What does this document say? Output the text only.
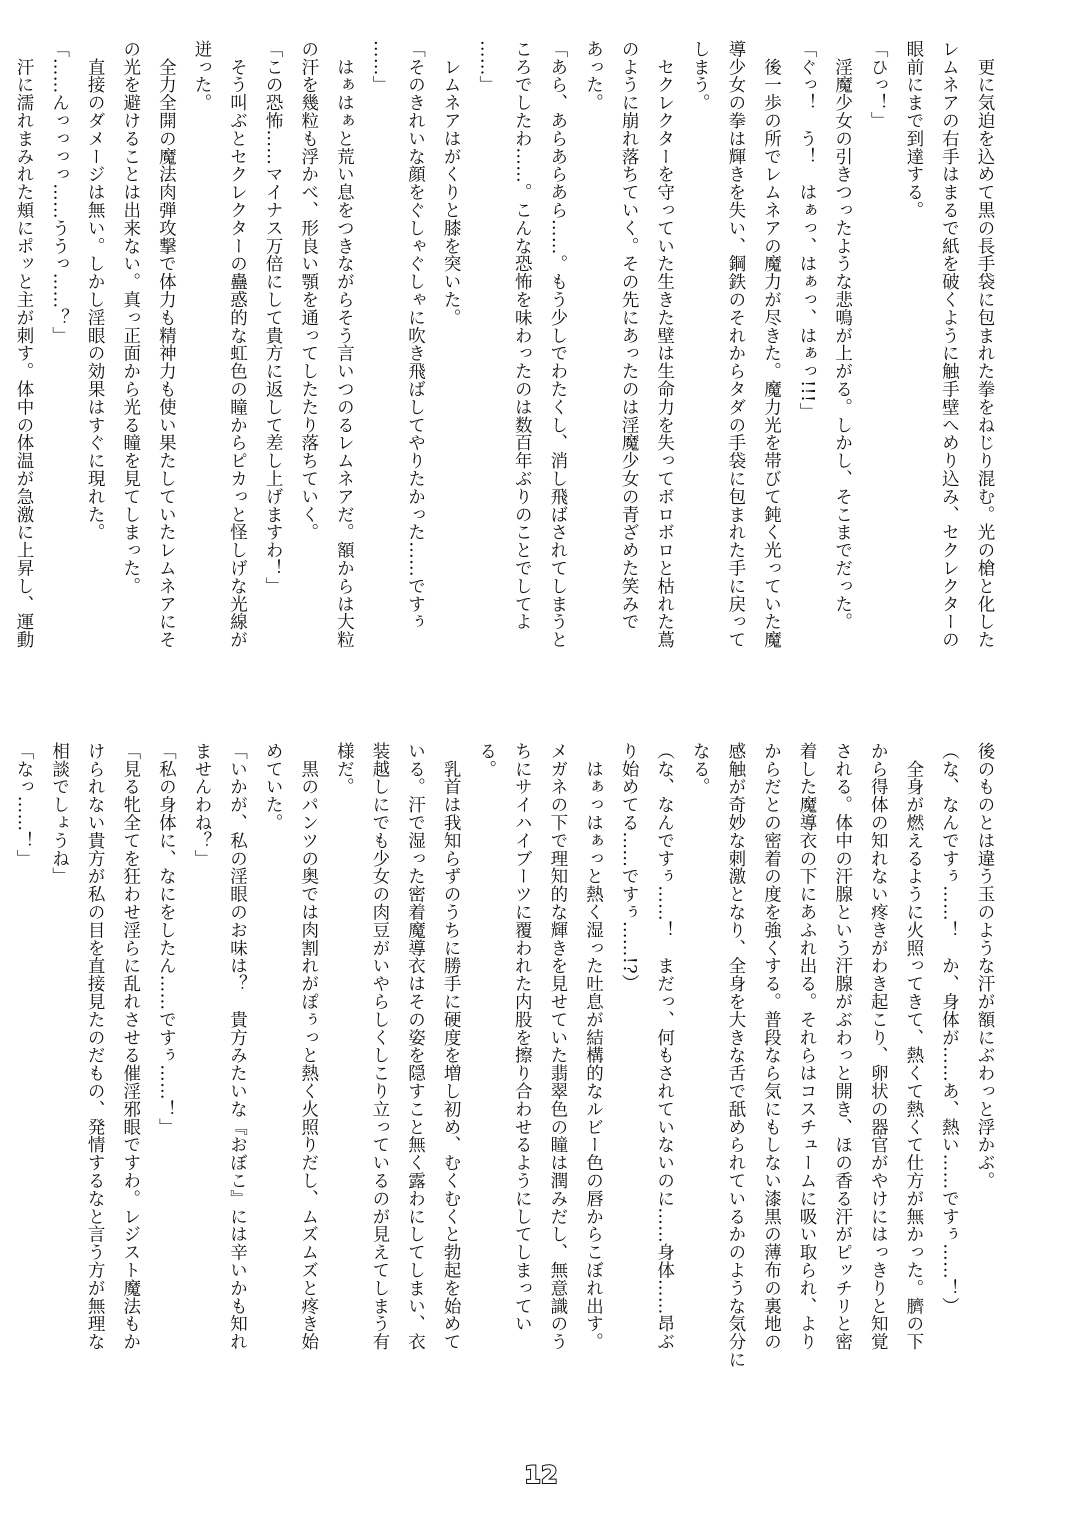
　更に気迫を込めて黒の長手袋に包まれた拳をねじり混む。光の槍と化した
レムネアの右手はまるで紙を破くように触手壁へめり込み、セクレクターの
眼前にまで到達する。
「ひっ！」
　淫魔少女の引きつったような悲鳴が上がる。しかし、そこまでだった。
「ぐっ！　う！　はぁっ、はぁっ、はぁっ!!!」
　後一歩の所でレムネアの魔力が尽きた。魔力光を帯びて鈍く光っていた魔
導少女の拳は輝きを失い、鋼鉄のそれからタダの手袋に包まれた手に戻って
しまう。
　セクレクターを守っていた生きた壁は生命力を失ってボロボロと枯れた蔦
のように崩れ落ちていく。その先にあったのは淫魔少女の青ざめた笑みで
あった。
「あら、あらあらあら……。もう少しでわたくし、消し飛ばされてしまうと
ころでしたわ……。こんな恐怖を味わったのは数百年ぶりのことでしてよ
……」
　レムネアはがくりと膝を突いた。
「そのきれいな顔をぐしゃぐしゃに吹き飛ばしてやりたかった……ですぅ
……」
　はぁはぁと荒い息をつきながらそう言いつのるレムネアだ。額からは大粒
の汗を幾粒も浮かべ、形良い顎を通ってしたたり落ちていく。
「この恐怖……マイナス万倍にして貴方に返して差し上げますわ！」
　そう叫ぶとセクレクターの蠱惑的な虹色の瞳からピカっと怪しげな光線が
迸った。
　全力全開の魔法肉弾攻撃で体力も精神力も使い果たしていたレムネアにそ
の光を避けることは出来ない。真っ正面から光る瞳を見てしまった。
　直接のダメージは無い。しかし淫眼の効果はすぐに現れた。
「……んっっっっ……ううっ……？」
　汗に濡れまみれた頬にポッと主が刺す。体中の体温が急激に上昇し、運動
後のものとは違う玉のような汗が額にぶわっと浮かぶ。
（な、なんですぅ……！　か、身体が……あ、熱い……ですぅ……！）
　全身が燃えるように火照ってきて、熱くて熱くて仕方が無かった。臍の下
から得体の知れない疼きがわき起こり、卵状の器官がやけにはっきりと知覚
される。体中の汗腺という汗腺がぶわっと開き、ほの香る汗がピッチリと密
着した魔導衣の下にあふれ出る。それらはコスチュームに吸い取られ、より
からだとの密着の度を強くする。普段なら気にもしない漆黒の薄布の裏地の
感触が奇妙な刺激となり、全身を大きな舌で舐められているかのような気分に
なる。
（な、なんですぅ……！　まだっ、何もされていないのに……身体……昂ぶ
り始めてる……ですぅ……!?）
　はぁっはぁっと熱く湿った吐息が結構的なルビー色の唇からこぼれ出す。
メガネの下で理知的な輝きを見せていた翡翠色の瞳は潤みだし、無意識のう
ちにサイハイブーツに覆われた内股を擦り合わせるようにしてしまってい
る。
　乳首は我知らずのうちに勝手に硬度を増し初め、むくむくと勃起を始めて
いる。汗で湿った密着魔導衣はその姿を隠すこと無く露わにしてしまい、衣
装越しにでも少女の肉豆がいやらしくしこり立っているのが見えてしまう有
様だ。
　黒のパンツの奥では肉割れがぽぅっと熱く火照りだし、ムズムズと疼き始
めていた。
「いかが、私の淫眼のお味は？　貴方みたいな『おぼこ』には辛いかも知れ
ませんわね？」
「私の身体に、なにをしたん……ですぅ……！」
「見る牝全てを狂わせ淫らに乱れさせる催淫邪眼ですわ。レジスト魔法もか
けられない貴方が私の目を直接見たのだもの、発情するなと言う方が無理な
相談でしょうね」
「なっ……！」
12
